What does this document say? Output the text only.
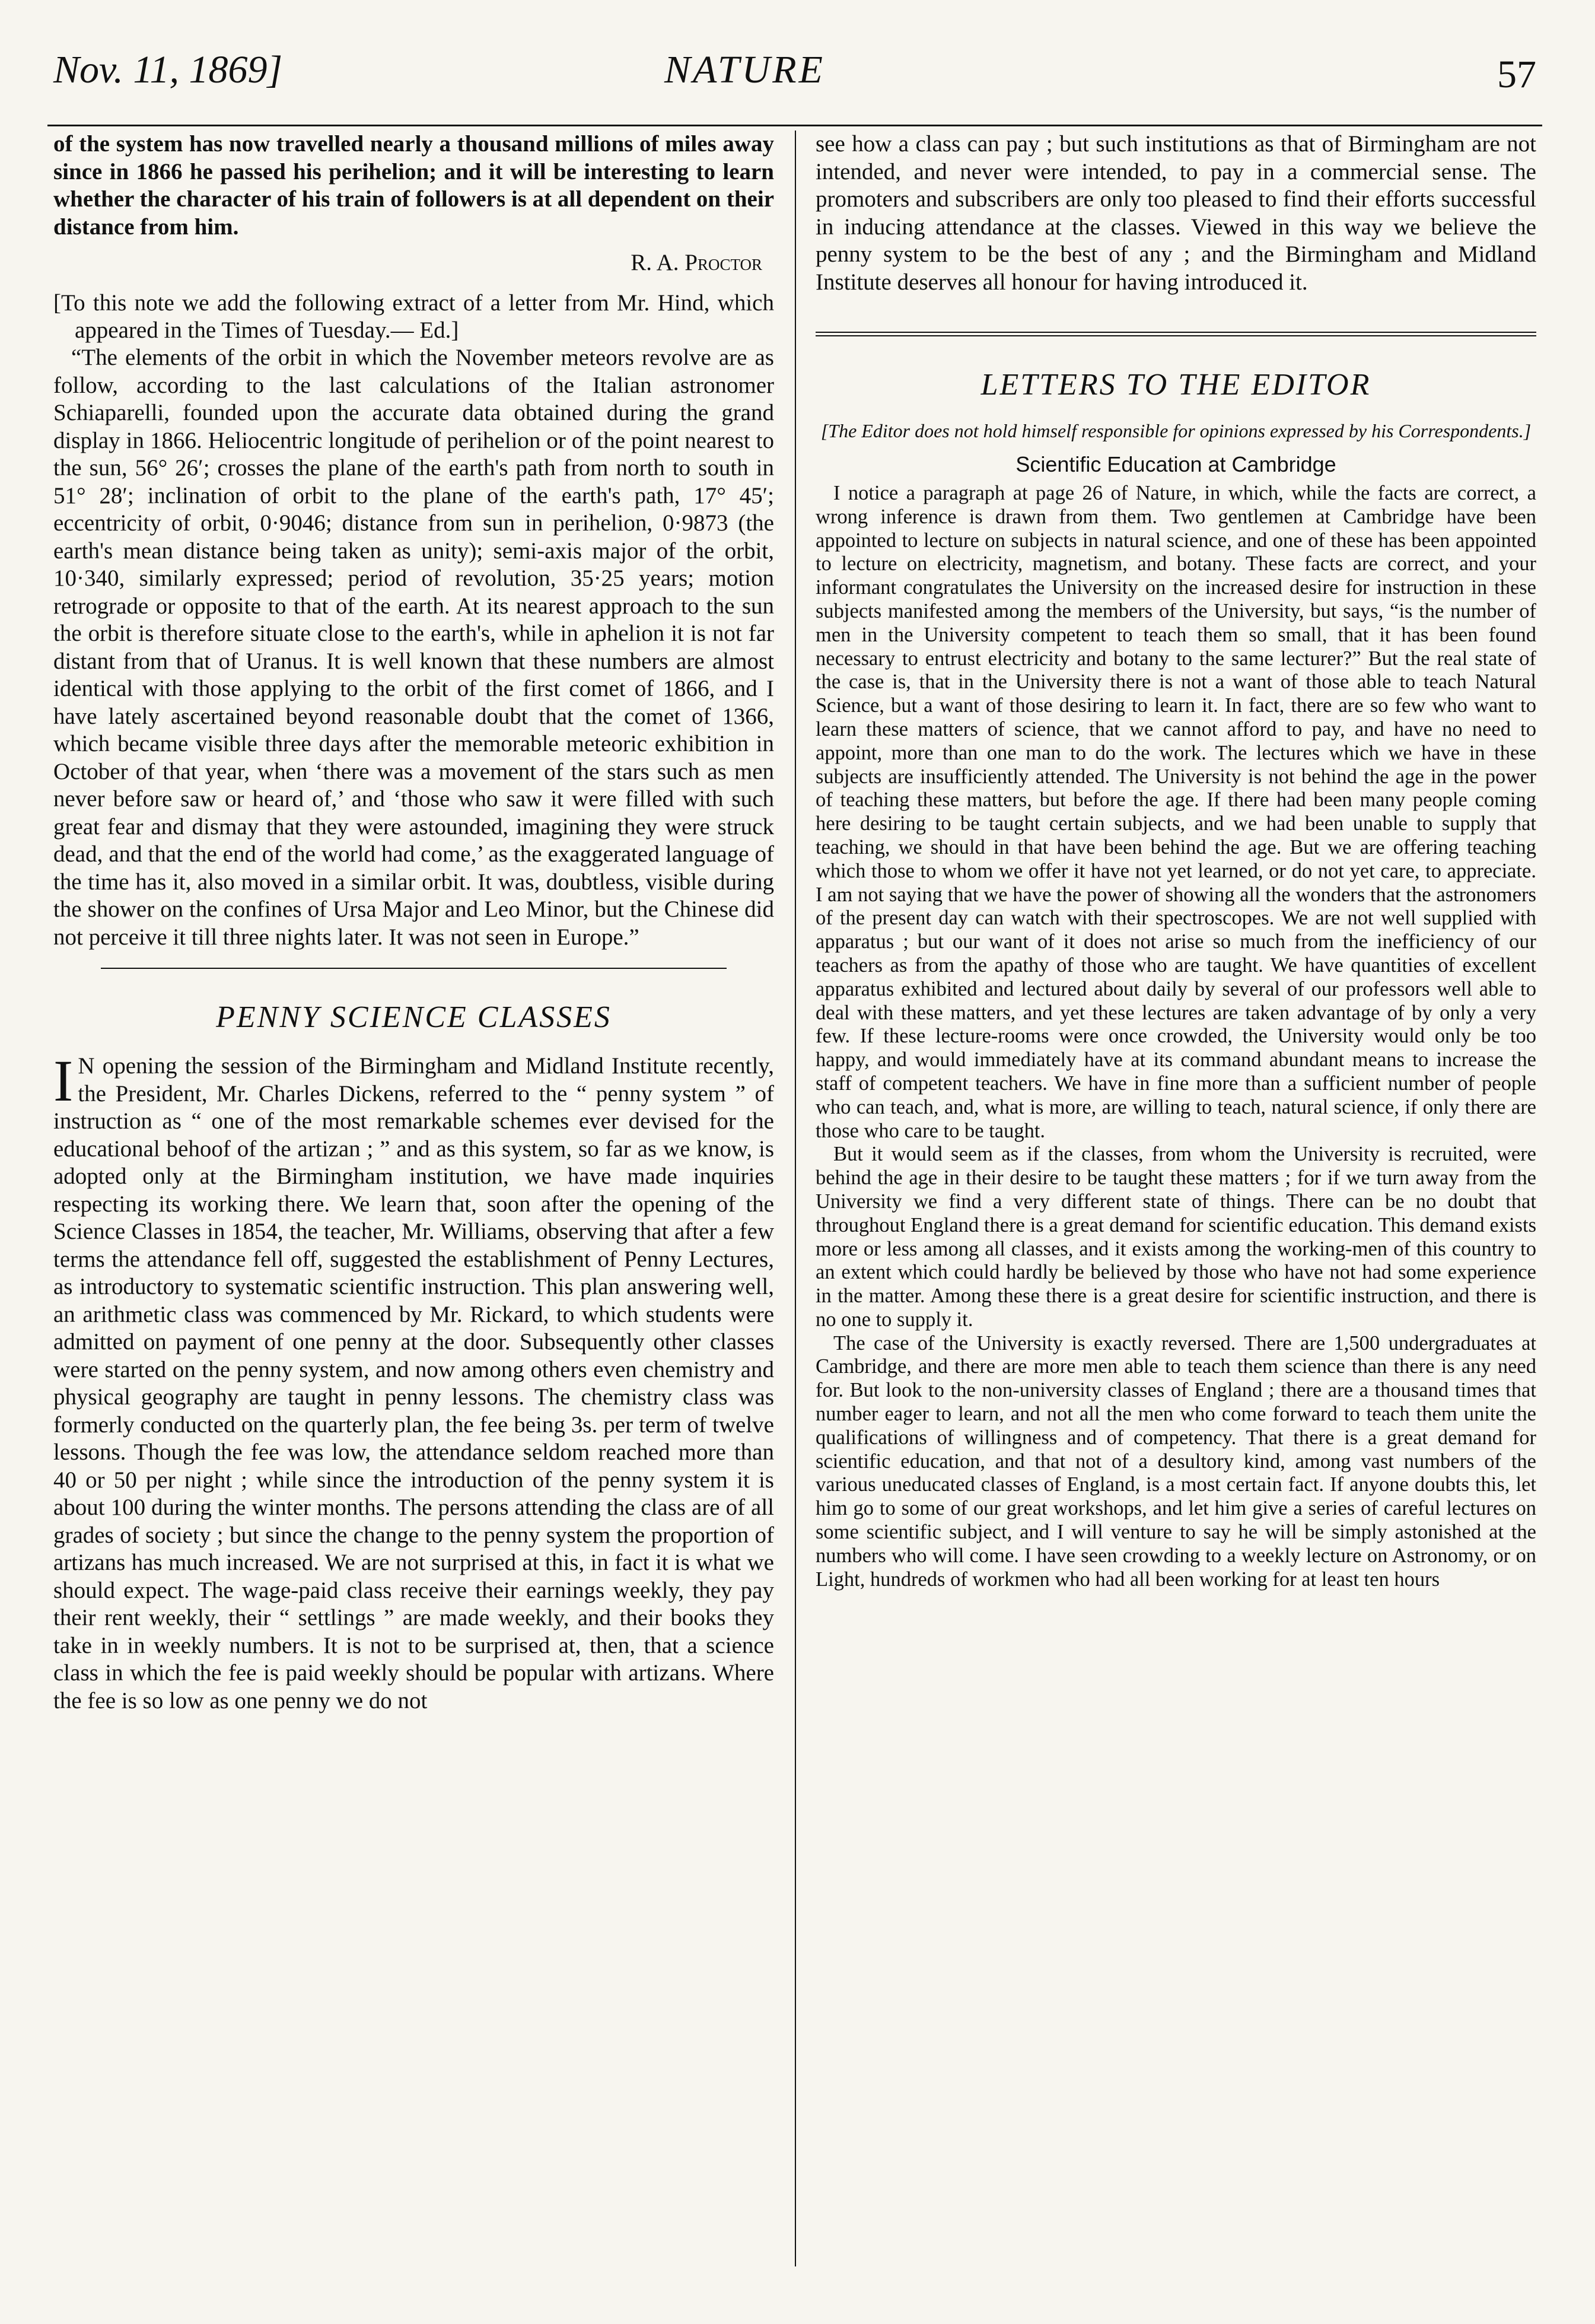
Nov. 11, 1869]	NATURE	57

of the system has now travelled nearly a thousand millions of miles away since in 1866 he passed his perihelion; and it will be interesting to learn whether the character of his train of followers is at all dependent on their distance from him.

R. A. Proctor

[To this note we add the following extract of a letter from Mr. Hind, which appeared in the Times of Tuesday.— Ed.]

“The elements of the orbit in which the November meteors revolve are as follow, according to the last calculations of the Italian astronomer Schiaparelli, founded upon the accurate data obtained during the grand display in 1866. Heliocentric longitude of perihelion or of the point nearest to the sun, 56° 26′; crosses the plane of the earth's path from north to south in 51° 28′; inclination of orbit to the plane of the earth's path, 17° 45′; eccentricity of orbit, 0·9046; distance from sun in perihelion, 0·9873 (the earth's mean distance being taken as unity); semi-axis major of the orbit, 10·340, similarly expressed; period of revolution, 35·25 years; motion retrograde or opposite to that of the earth. At its nearest approach to the sun the orbit is therefore situate close to the earth's, while in aphelion it is not far distant from that of Uranus. It is well known that these numbers are almost identical with those applying to the orbit of the first comet of 1866, and I have lately ascertained beyond reasonable doubt that the comet of 1366, which became visible three days after the memorable meteoric exhibition in October of that year, when ‘there was a movement of the stars such as men never before saw or heard of,’ and ‘those who saw it were filled with such great fear and dismay that they were astounded, imagining they were struck dead, and that the end of the world had come,’ as the exaggerated language of the time has it, also moved in a similar orbit. It was, doubtless, visible during the shower on the confines of Ursa Major and Leo Minor, but the Chinese did not perceive it till three nights later. It was not seen in Europe.”

PENNY SCIENCE CLASSES

I N opening the session of the Birmingham and Midland Institute recently, the President, Mr. Charles Dickens, referred to the “ penny system ” of instruction as “ one of the most remarkable schemes ever devised for the educational behoof of the artizan ; ” and as this system, so far as we know, is adopted only at the Birmingham institution, we have made inquiries respecting its working there. We learn that, soon after the opening of the Science Classes in 1854, the teacher, Mr. Williams, observing that after a few terms the attendance fell off, suggested the establishment of Penny Lectures, as introductory to systematic scientific instruction. This plan answering well, an arithmetic class was commenced by Mr. Rickard, to which students were admitted on payment of one penny at the door. Subsequently other classes were started on the penny system, and now among others even chemistry and physical geography are taught in penny lessons. The chemistry class was formerly conducted on the quarterly plan, the fee being 3s. per term of twelve lessons. Though the fee was low, the attendance seldom reached more than 40 or 50 per night ; while since the introduction of the penny system it is about 100 during the winter months. The persons attending the class are of all grades of society ; but since the change to the penny system the proportion of artizans has much increased. We are not surprised at this, in fact it is what we should expect. The wage-paid class receive their earnings weekly, they pay their rent weekly, their “ settlings ” are made weekly, and their books they take in in weekly numbers. It is not to be surprised at, then, that a science class in which the fee is paid weekly should be popular with artizans. Where the fee is so low as one penny we do not

see how a class can pay ; but such institutions as that of Birmingham are not intended, and never were intended, to pay in a commercial sense. The promoters and subscribers are only too pleased to find their efforts successful in inducing attendance at the classes. Viewed in this way we believe the penny system to be the best of any ; and the Birmingham and Midland Institute deserves all honour for having introduced it.

LETTERS TO THE EDITOR

[The Editor does not hold himself responsible for opinions expressed by his Correspondents.]

Scientific Education at Cambridge

I notice a paragraph at page 26 of Nature, in which, while the facts are correct, a wrong inference is drawn from them. Two gentlemen at Cambridge have been appointed to lecture on subjects in natural science, and one of these has been appointed to lecture on electricity, magnetism, and botany. These facts are correct, and your informant congratulates the University on the increased desire for instruction in these subjects manifested among the members of the University, but says, “is the number of men in the University competent to teach them so small, that it has been found necessary to entrust electricity and botany to the same lecturer?” But the real state of the case is, that in the University there is not a want of those able to teach Natural Science, but a want of those desiring to learn it. In fact, there are so few who want to learn these matters of science, that we cannot afford to pay, and have no need to appoint, more than one man to do the work. The lectures which we have in these subjects are insufficiently attended. The University is not behind the age in the power of teaching these matters, but before the age. If there had been many people coming here desiring to be taught certain subjects, and we had been unable to supply that teaching, we should in that have been behind the age. But we are offering teaching which those to whom we offer it have not yet learned, or do not yet care, to appreciate. I am not saying that we have the power of showing all the wonders that the astronomers of the present day can watch with their spectroscopes. We are not well supplied with apparatus ; but our want of it does not arise so much from the inefficiency of our teachers as from the apathy of those who are taught. We have quantities of excellent apparatus exhibited and lectured about daily by several of our professors well able to deal with these matters, and yet these lectures are taken advantage of by only a very few. If these lecture-rooms were once crowded, the University would only be too happy, and would immediately have at its command abundant means to increase the staff of competent teachers. We have in fine more than a sufficient number of people who can teach, and, what is more, are willing to teach, natural science, if only there are those who care to be taught.

But it would seem as if the classes, from whom the University is recruited, were behind the age in their desire to be taught these matters ; for if we turn away from the University we find a very different state of things. There can be no doubt that throughout England there is a great demand for scientific education. This demand exists more or less among all classes, and it exists among the working-men of this country to an extent which could hardly be believed by those who have not had some experience in the matter. Among these there is a great desire for scientific instruction, and there is no one to supply it.

The case of the University is exactly reversed. There are 1,500 undergraduates at Cambridge, and there are more men able to teach them science than there is any need for. But look to the non-university classes of England ; there are a thousand times that number eager to learn, and not all the men who come forward to teach them unite the qualifications of willingness and of competency. That there is a great demand for scientific education, and that not of a desultory kind, among vast numbers of the various uneducated classes of England, is a most certain fact. If anyone doubts this, let him go to some of our great workshops, and let him give a series of careful lectures on some scientific subject, and I will venture to say he will be simply astonished at the numbers who will come. I have seen crowding to a weekly lecture on Astronomy, or on Light, hundreds of workmen who had all been working for at least ten hours
